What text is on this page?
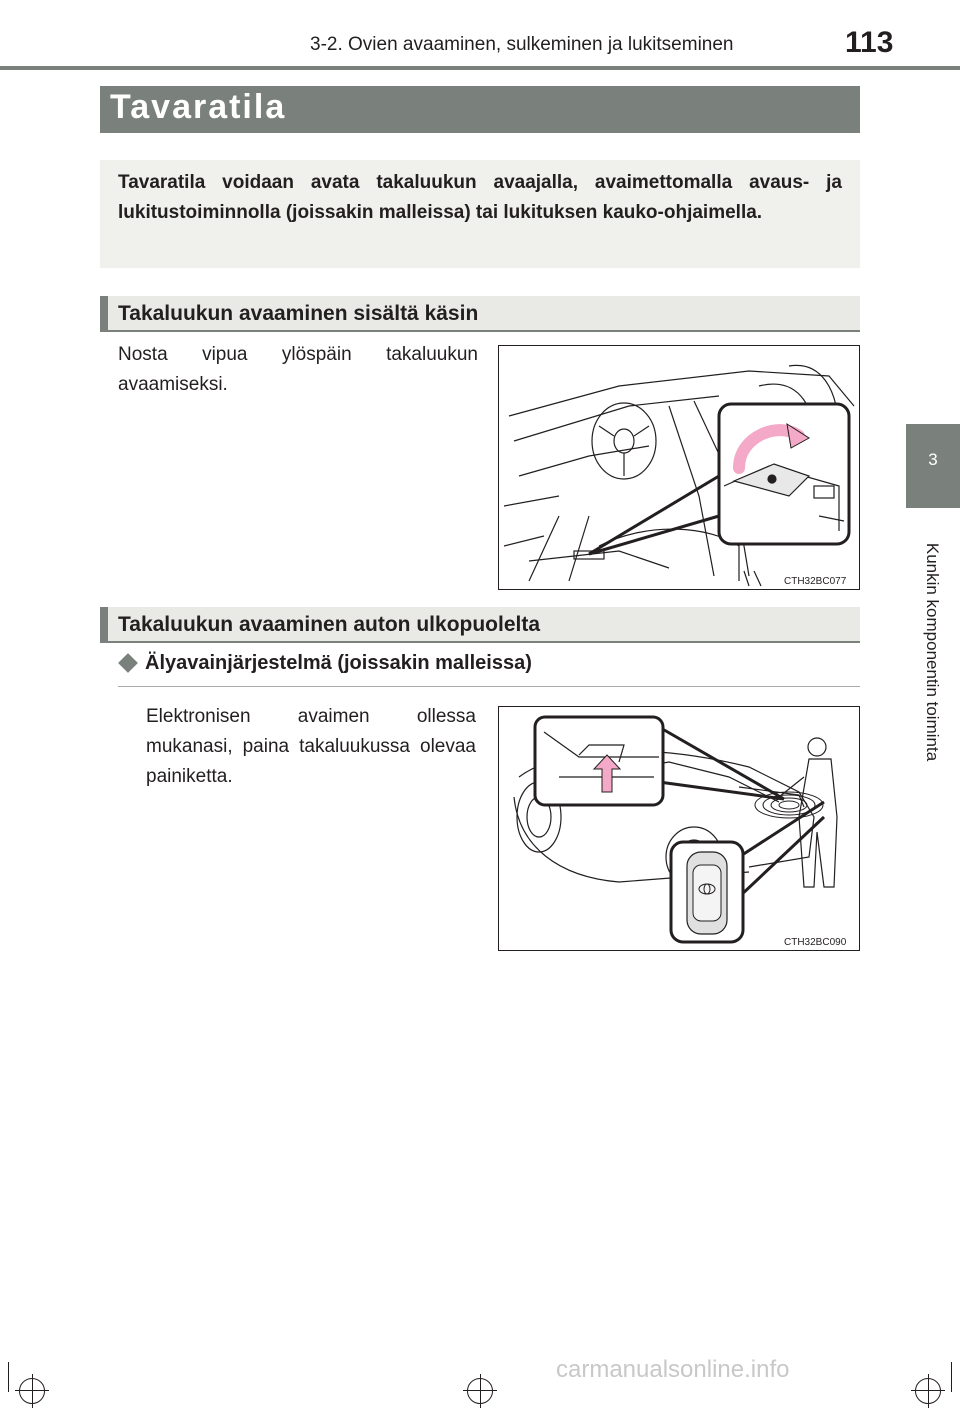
3-2. Ovien avaaminen, sulkeminen ja lukitseminen	113
3
Kunkin komponentin toiminta
Tavaratila
Tavaratila voidaan avata takaluukun avaajalla, avaimettomalla avaus- ja lukitustoiminnolla (joissakin malleissa) tai lukituksen kauko-ohjaimella.
Takaluukun avaaminen sisältä käsin
Nosta vipua ylöspäin takaluukun avaamiseksi.
CTH32BC077
Takaluukun avaaminen auton ulkopuolelta
Älyavainjärjestelmä (joissakin malleissa)
Elektronisen avaimen ollessa mukanasi, paina takaluukussa olevaa painiketta.
CTH32BC090
carmanualsonline.info
